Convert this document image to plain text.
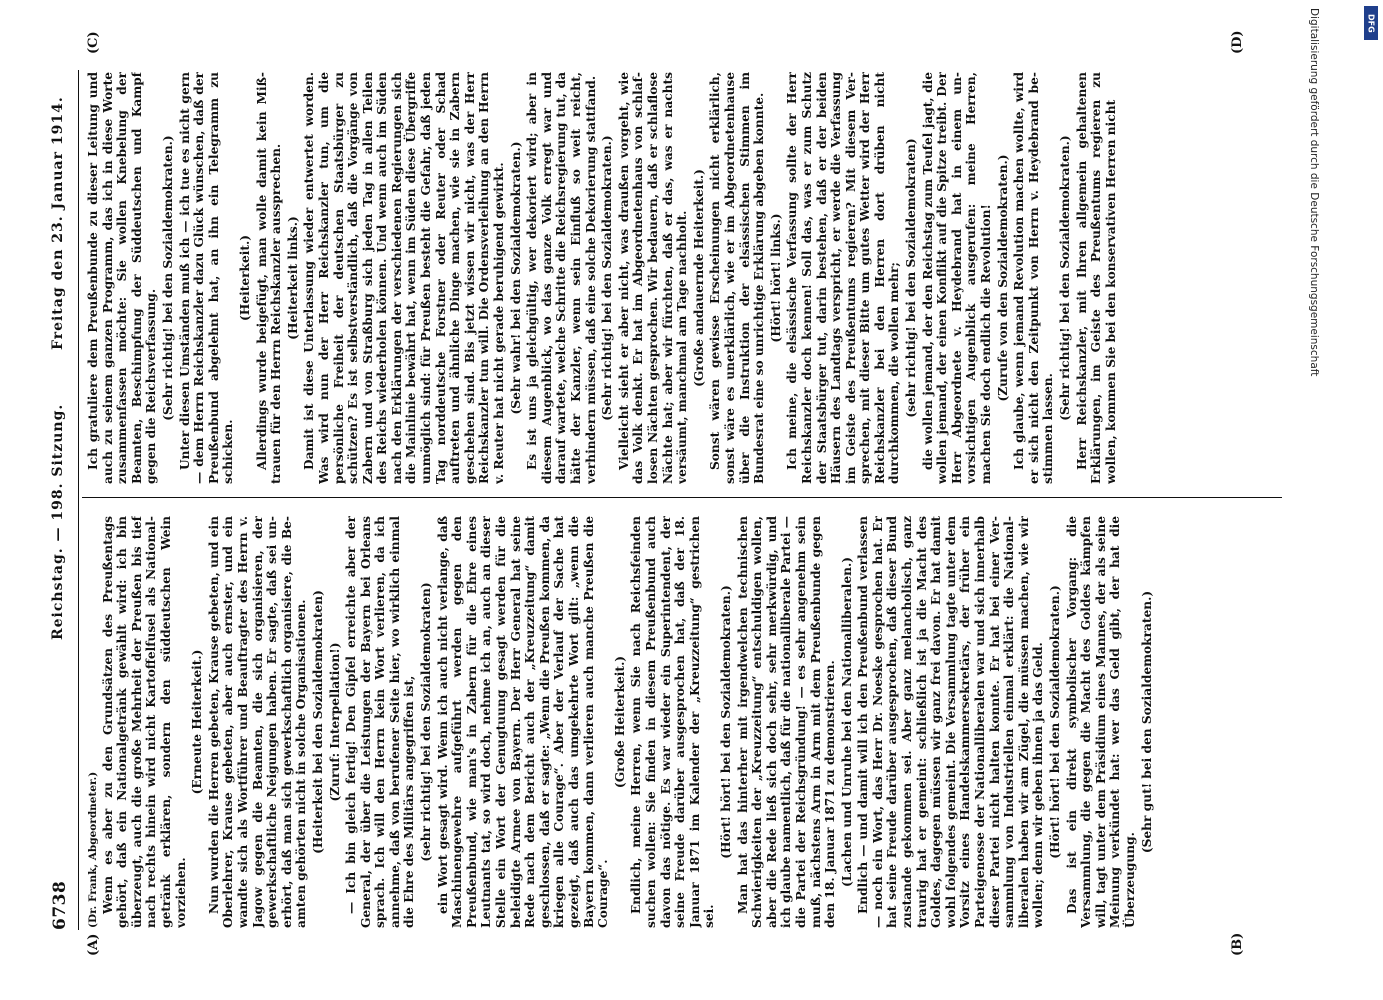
6738
Reichstag. — 198. Sitzung.
Freitag den 23. Januar 1914.
(A)	(B)
(C)	(D)

(Dr. Frank, Abgeordneter.) Wenn es aber zu den Grundsätzen des Preußentags gehört, daß ein Nationalgetränk gewählt wird: ich bin überzeugt, auch die große Mehrheit der Preußen bis tief nach rechts hinein wird nicht Kartoffelfusel als Nationalgetränk erklären, sondern den süddeutschen Wein vorziehen.

(Erneute Heiterkeit.) Nun wurden die Herren gebeten, Krause gebeten, und ein Oberlehrer, Krause gebeten, aber auch ernster, und ein wandte sich als Wortführer und Beauftragter des Herrn v. Jagow gegen die Beamten, die sich organisieren, der gewerkschaftliche Neigungen haben. Er sagte, daß sei unerhört, daß man sich gewerkschaftlich organisiere, die Beamten gehörten nicht in solche Organisationen. (Heiterkeit bei den Sozialdemokraten) (Zuruf: Interpellation!) — Ich bin gleich fertig! Den Gipfel erreichte aber der General, der über die Leistungen der Bayern bei Orleans sprach. Ich will den Herrn kein Wort verlieren, da ich annehme, daß von berufener Seite hier, wo wirklich einmal die Ehre des Militärs angegriffen ist, (sehr richtig! bei den Sozialdemokraten) ein Wort gesagt wird. Wenn ich auch nicht verlange, daß Maschinengewehre aufgeführt werden gegen den Preußenbund, wie man's in Zabern für die Ehre eines Leutnants tat, so wird doch, nehme ich an, auch an dieser Stelle ein Wort der Genugtuung gesagt werden für die beleidigte Armee von Bayern. Der Herr General hat seine Rede nach dem Bericht auch der „Kreuzzeitung“ damit geschlossen, daß er sagte: „Wenn die Preußen kommen, da kriegen alle Courage“. Aber der Verlauf der Sache hat gezeigt, daß auch das umgekehrte Wort gilt: „wenn die Bayern kommen, dann verlieren auch manche Preußen die Courage“.

(Große Heiterkeit.) Endlich, meine Herren, wenn Sie nach Reichsfeinden suchen wollen: Sie finden in diesem Preußenbund auch davon das nötige. Es war wieder ein Superintendent, der seine Freude darüber ausgesprochen hat, daß der 18. Januar 1871 im Kalender der „Kreuzzeitung“ gestrichen sei.

(Hört! hört! bei den Sozialdemokraten.) Man hat das hinterher mit irgendwelchen technischen Schwierigkeiten der „Kreuzzeitung“ entschuldigen wollen, aber die Rede ließ sich doch sehr, sehr merkwürdig, und ich glaube namentlich, daß für die nationalliberale Partei — die Partei der Reichsgründung! — es sehr angenehm sein muß, nächstens Arm in Arm mit dem Preußenbunde gegen den 18. Januar 1871 zu demonstrieren. (Lachen und Unruhe bei den Nationalliberalen.) Endlich — und damit will ich den Preußenbund verlassen — noch ein Wort, das Herr Dr. Noeske gesprochen hat. Er hat seine Freude darüber ausgesprochen, daß dieser Bund zustande gekommen sei. Aber ganz melancholisch, ganz traurig hat er gemeint: schließlich ist ja die Macht des Goldes, dagegen müssen wir ganz frei davon. Er hat damit wohl folgendes gemeint. Die Versammlung tagte unter dem Vorsitz eines Handelskammersekretärs, der früher ein Parteigenosse der Nationalliberalen war und sich innerhalb dieser Partei nicht halten konnte. Er hat bei einer Versammlung von Industriellen einmal erklärt: die Nationalliberalen haben wir am Zügel, die müssen machen, wie wir wollen; denn wir geben ihnen ja das Geld. (Hört! hört! bei den Sozialdemokraten.) Das ist ein direkt symbolischer Vorgang: die Versammlung, die gegen die Macht des Goldes kämpfen will, tagt unter dem Präsidium eines Mannes, der als seine Meinung verkündet hat: wer das Geld gibt, der hat die Überzeugung.

(Sehr gut! bei den Sozialdemokraten.)

Ich gratuliere dem Preußenbunde zu dieser Leitung und auch zu seinem ganzen Programm, das ich in diese Worte zusammenfassen möchte: Sie wollen Knebelung der Beamten, Beschimpfung der Süddeutschen und Kampf gegen die Reichsverfassung. (Sehr richtig! bei den Sozialdemokraten.) Unter diesen Umständen muß ich — ich tue es nicht gern — dem Herrn Reichskanzler dazu Glück wünschen, daß der Preußenbund abgelehnt hat, an ihn ein Telegramm zu schicken.

(Heiterkeit.) Allerdings wurde beigefügt, man wolle damit kein Mißtrauen für den Herrn Reichskanzler aussprechen. (Heiterkeit links.) Damit ist diese Unterlassung wieder entwertet worden. Was wird nun der Herr Reichskanzler tun, um die persönliche Freiheit der deutschen Staatsbürger zu schützen? Es ist selbstverständlich, daß die Vorgänge von Zabern und von Straßburg sich jeden Tag in allen Teilen des Reichs wiederholen können. Und wenn auch im Süden nach den Erklärungen der verschiedenen Regierungen sich die Mainlinie bewährt hat, wenn im Süden diese Übergriffe unmöglich sind: für Preußen besteht die Gefahr, daß jeden Tag norddeutsche Forstner oder Reuter oder Schad auftreten und ähnliche Dinge machen, wie sie in Zabern geschehen sind. Bis jetzt wissen wir nicht, was der Herr Reichskanzler tun will. Die Ordensverleihung an den Herrn v. Reuter hat nicht gerade beruhigend gewirkt. (Sehr wahr! bei den Sozialdemokraten.) Es ist uns ja gleichgültig, wer dekoriert wird; aber in diesem Augenblick, wo das ganze Volk erregt war und darauf wartete, welche Schritte die Reichsregierung tut, da hätte der Kanzler, wenn sein Einfluß so weit reicht, verhindern müssen, daß eine solche Dekorierung stattfand. (Sehr richtig! bei den Sozialdemokraten.) Vielleicht sieht er aber nicht, was draußen vorgeht, wie das Volk denkt. Er hat im Abgeordnetenhaus von schlaflosen Nächten gesprochen. Wir bedauern, daß er schlaflose Nächte hat; aber wir fürchten, daß er das, was er nachts versäumt, manchmal am Tage nachholt. (Große andauernde Heiterkeit.) Sonst wären gewisse Erscheinungen nicht erklärlich, sonst wäre es unerklärlich, wie er im Abgeordnetenhause über die Instruktion der elsässischen Stimmen im Bundesrat eine so unrichtige Erklärung abgeben konnte. (Hört! hört! links.) Ich meine, die elsässische Verfassung sollte der Herr Reichskanzler doch kennen! Soll das, was er zum Schutz der Staatsbürger tut, darin bestehen, daß er der beiden Häusern des Landtags verspricht, er werde die Verfassung im Geiste des Preußentums regieren? Mit diesem Versprechen, mit dieser Bitte um gutes Wetter wird der Herr Reichskanzler bei den Herren dort drüben nicht durchkommen, die wollen mehr; (sehr richtig! bei den Sozialdemokraten) die wollen jemand, der den Reichstag zum Teufel jagt, die wollen jemand, der einen Konflikt auf die Spitze treibt. Der Herr Abgeordnete v. Heydebrand hat in einem unvorsichtigen Augenblick ausgerufen: meine Herren, machen Sie doch endlich die Revolution! (Zurufe von den Sozialdemokraten.) Ich glaube, wenn jemand Revolution machen wollte, wird er sich nicht den Zeitpunkt von Herrn v. Heydebrand bestimmen lassen.

(Sehr richtig! bei den Sozialdemokraten.) Herr Reichskanzler, mit Ihren allgemein gehaltenen Erklärungen, im Geiste des Preußentums regieren zu wollen, kommen Sie bei den konservativen Herren nicht	Digitalisierung gefördert durch die Deutsche Forschungsgemeinschaft	DFG
